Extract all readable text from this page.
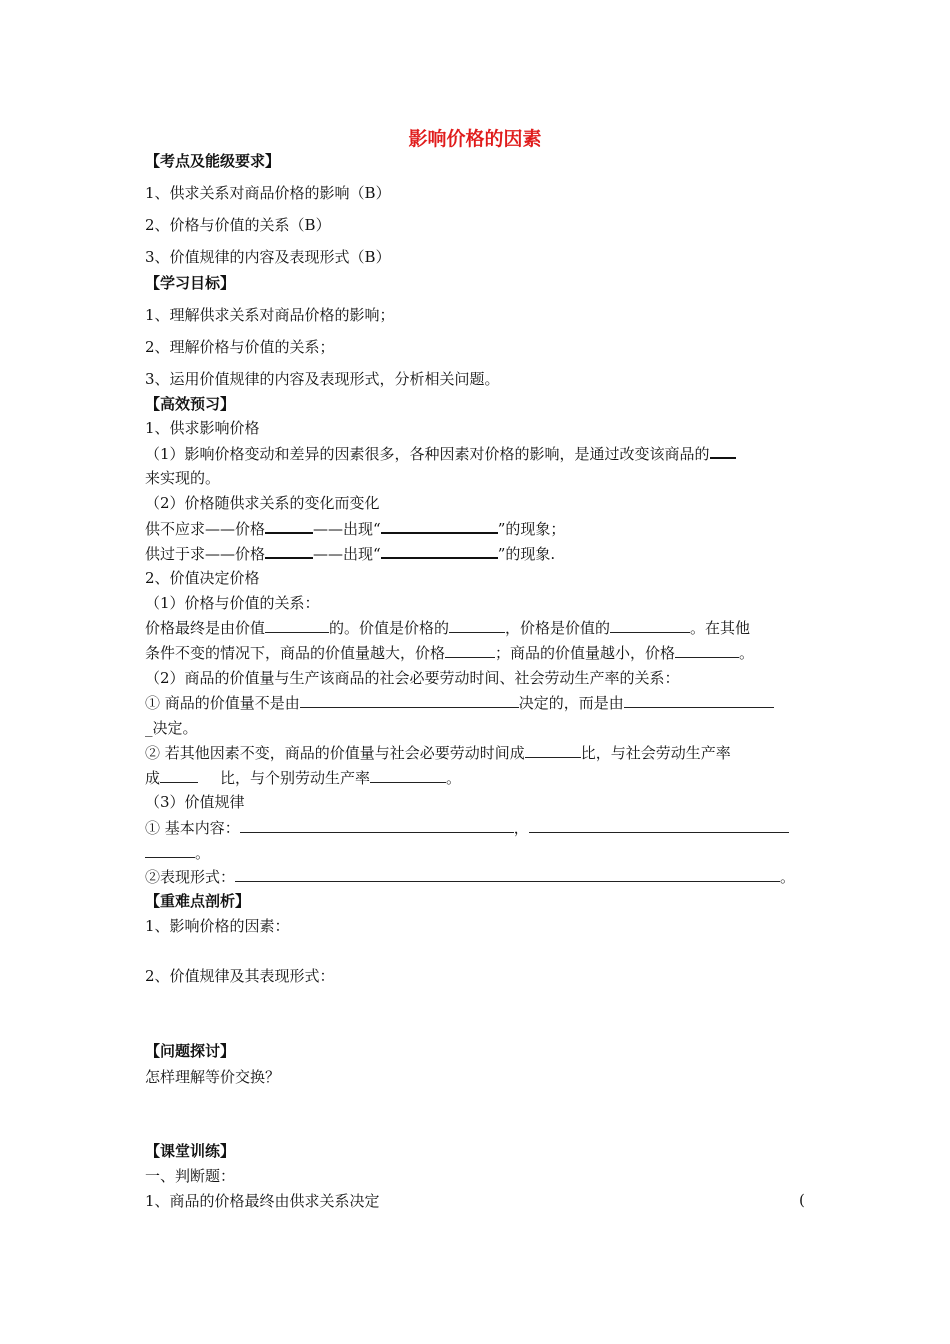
影响价格的因素
【考点及能级要求】
1、供求关系对商品价格的影响（B）
2、价格与价值的关系（B）
3、价值规律的内容及表现形式（B）
【学习目标】
1、理解供求关系对商品价格的影响；
2、理解价格与价值的关系；
3、运用价值规律的内容及表现形式，分析相关问题。
【高效预习】
1、供求影响价格
（1）影响价格变动和差异的因素很多，各种因素对价格的影响，是通过改变该商品的
来实现的。
（2）价格随供求关系的变化而变化
供不应求——价格	——出现“	”的现象；
供过于求——价格	——出现“	”的现象.
2、价值决定价格
（1）价格与价值的关系：
价格最终是由价值	的。价值是价格的	，价格是价值的	。在其他
条件不变的情况下，商品的价值量越大，价格	；商品的价值量越小，价格	。
（2）商品的价值量与生产该商品的社会必要劳动时间、社会劳动生产率的关系：
① 商品的价值量不是由	决定的，而是由
_决定。
② 若其他因素不变，商品的价值量与社会必要劳动时间成	比，与社会劳动生产率
成	比，与个别劳动生产率	。
（3）价值规律
① 基本内容：	，
。
②表现形式：	。
【重难点剖析】
1、影响价格的因素：
2、价值规律及其表现形式：
【问题探讨】
怎样理解等价交换？
【课堂训练】
一、判断题：
1、商品的价格最终由供求关系决定	(
